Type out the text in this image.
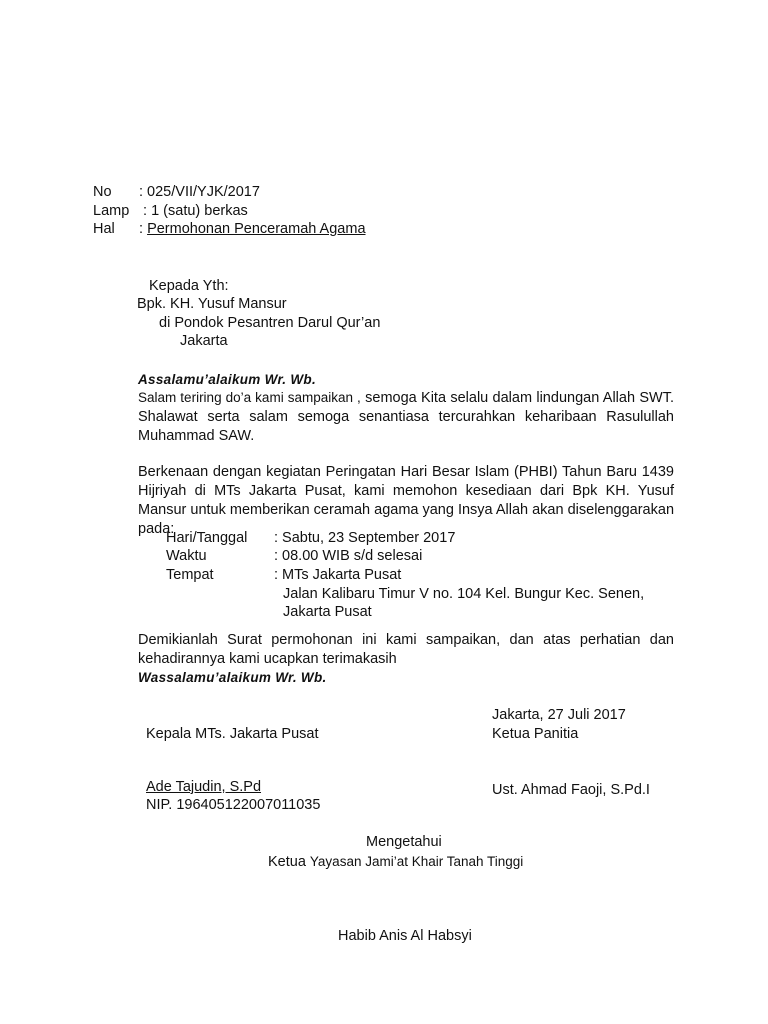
No : 025/VII/YJK/2017
Lamp : 1 (satu) berkas
Hal : Permohonan Penceramah Agama
Kepada Yth:
Bpk. KH. Yusuf Mansur
di Pondok Pesantren Darul Qur’an
Jakarta
Assalamu’alaikum Wr. Wb.
Salam teriring do’a kami sampaikan , semoga Kita selalu dalam lindungan Allah SWT. Shalawat serta salam semoga senantiasa tercurahkan keharibaan Rasulullah Muhammad SAW.
Berkenaan dengan kegiatan Peringatan Hari Besar Islam (PHBI) Tahun Baru 1439 Hijriyah di MTs Jakarta Pusat, kami memohon kesediaan dari Bpk KH. Yusuf Mansur untuk memberikan ceramah agama yang Insya Allah akan diselenggarakan pada:
Hari/Tanggal : Sabtu, 23 September 2017
Waktu	: 08.00 WIB s/d selesai
Tempat	: MTs Jakarta Pusat
Jalan Kalibaru Timur V no. 104 Kel. Bungur Kec. Senen,
Jakarta Pusat
Demikianlah Surat permohonan ini kami sampaikan, dan atas perhatian dan kehadirannya kami ucapkan terimakasih
Wassalamu’alaikum Wr. Wb.
Jakarta, 27 Juli 2017
Kepala MTs. Jakarta Pusat	Ketua Panitia
Ade Tajudin, S.Pd	Ust. Ahmad Faoji, S.Pd.I
NIP. 196405122007011035
Mengetahui
Ketua Yayasan Jami’at Khair Tanah Tinggi
Habib Anis Al Habsyi
